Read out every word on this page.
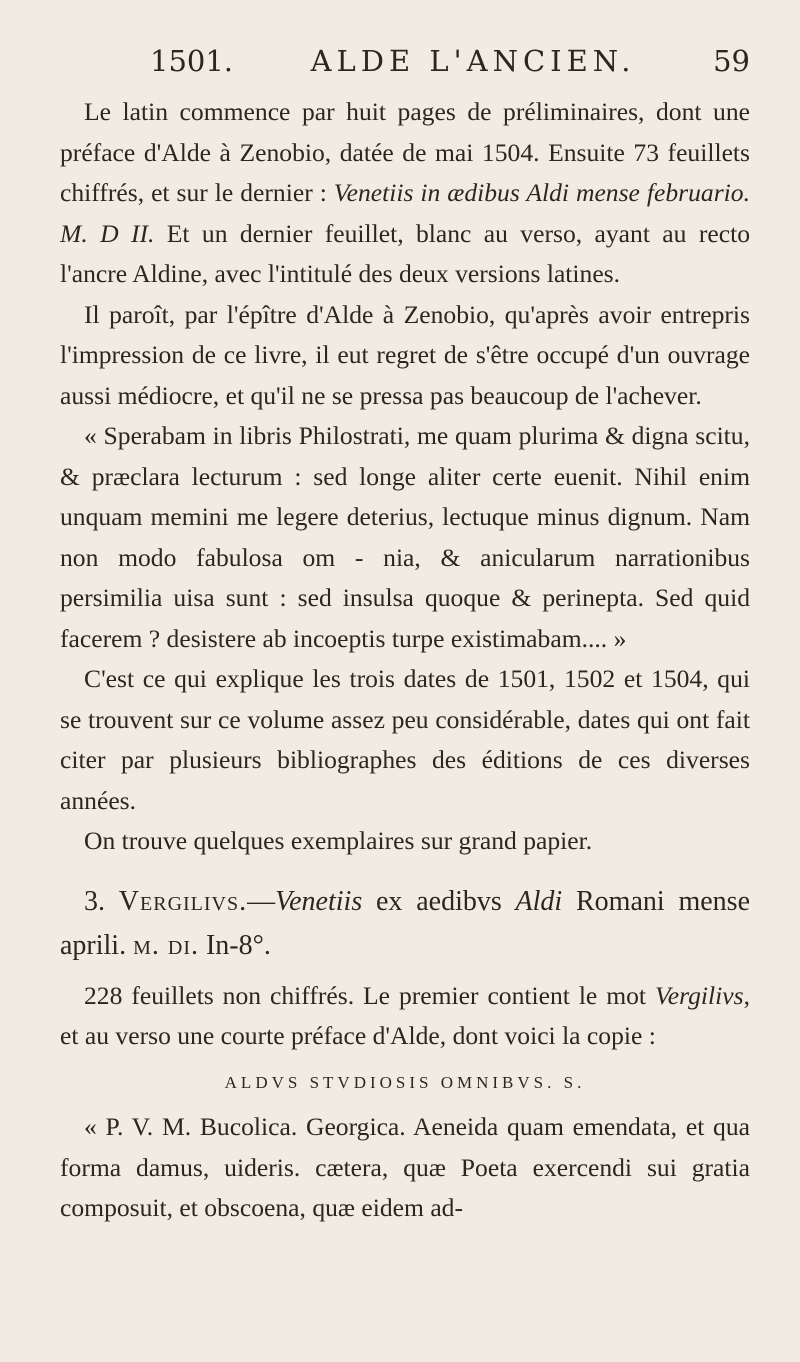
1501.	ALDE L'ANCIEN.	59

Le latin commence par huit pages de préliminaires, dont une préface d'Alde à Zenobio, datée de mai 1504. Ensuite 73 feuillets chiffrés, et sur le dernier : Venetiis in ædibus Aldi mense februario. M. D II. Et un dernier feuillet, blanc au verso, ayant au recto l'ancre Aldine, avec l'intitulé des deux versions latines.

Il paroît, par l'épître d'Alde à Zenobio, qu'après avoir entrepris l'impression de ce livre, il eut regret de s'être occupé d'un ouvrage aussi médiocre, et qu'il ne se pressa pas beaucoup de l'achever.

« Sperabam in libris Philostrati, me quam plurima & digna scitu, & præclara lecturum : sed longe aliter certe euenit. Nihil enim unquam memini me legere deterius, lectuque minus dignum. Nam non modo fabulosa om - nia, & anicularum narrationibus persimilia uisa sunt : sed insulsa quoque & perinepta. Sed quid facerem ? desistere ab incoeptis turpe existimabam.... »

C'est ce qui explique les trois dates de 1501, 1502 et 1504, qui se trouvent sur ce volume assez peu considérable, dates qui ont fait citer par plusieurs bibliographes des éditions de ces diverses années.

On trouve quelques exemplaires sur grand papier.

3. Vergilivs.—Venetiis ex aedibvs Aldi Romani mense aprili. m. di. In-8°.

228 feuillets non chiffrés. Le premier contient le mot Vergilivs, et au verso une courte préface d'Alde, dont voici la copie :

ALDVS STVDIOSIS OMNIBVS. S.

« P. V. M. Bucolica. Georgica. Aeneida quam emendata, et qua forma damus, uideris. cætera, quæ Poeta exercendi sui gratia composuit, et obscoena, quæ eidem ad-
